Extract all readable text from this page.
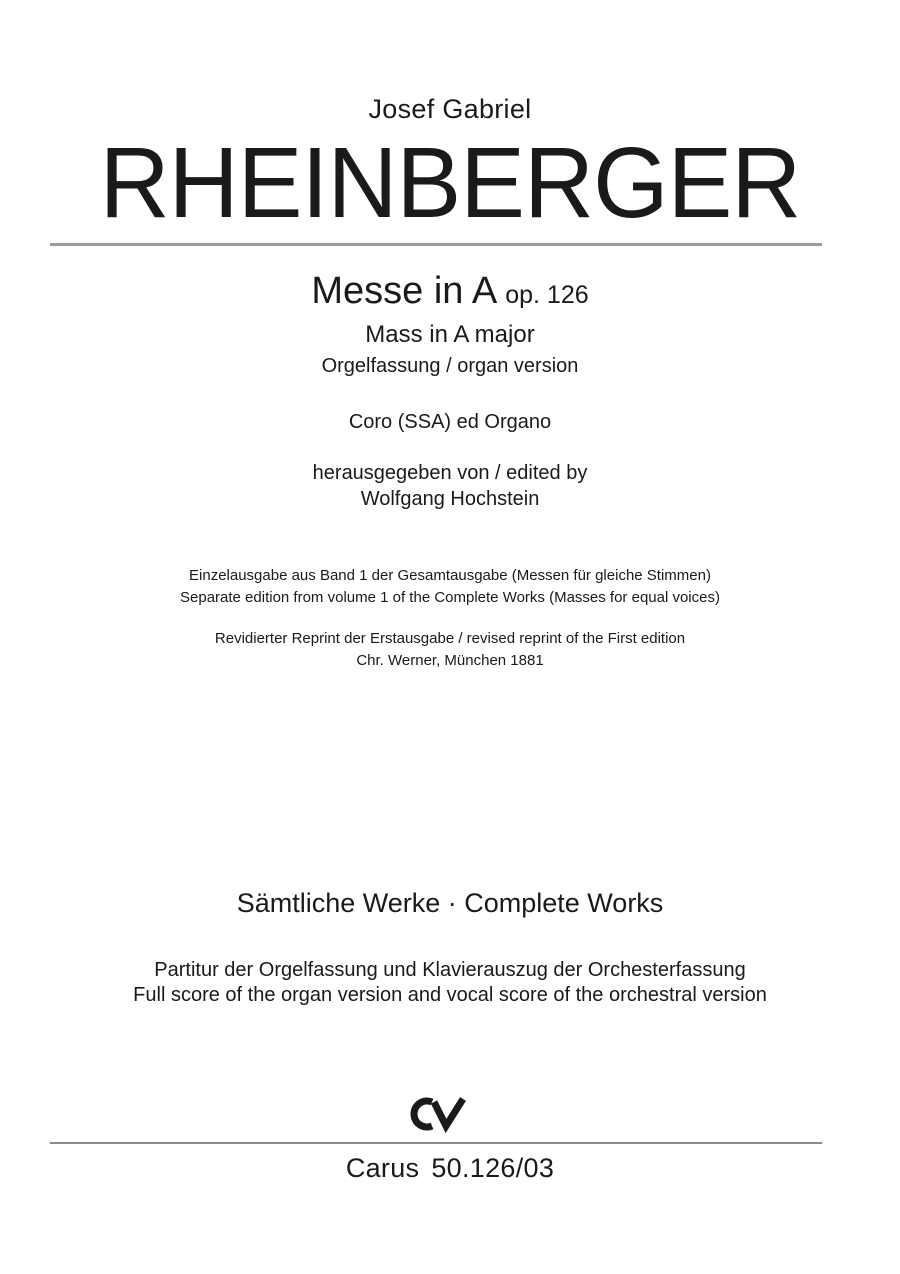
Josef Gabriel
RHEINBERGER
Messe in A op. 126
Mass in A major
Orgelfassung / organ version
Coro (SSA) ed Organo
herausgegeben von / edited by
Wolfgang Hochstein
Einzelausgabe aus Band 1 der Gesamtausgabe (Messen für gleiche Stimmen)
Separate edition from volume 1 of the Complete Works (Masses for equal voices)
Revidierter Reprint der Erstausgabe / revised reprint of the First edition
Chr. Werner, München 1881
Sämtliche Werke · Complete Works
Partitur der Orgelfassung und Klavierauszug der Orchesterfassung
Full score of the organ version and vocal score of the orchestral version
Carus 50.126/03
